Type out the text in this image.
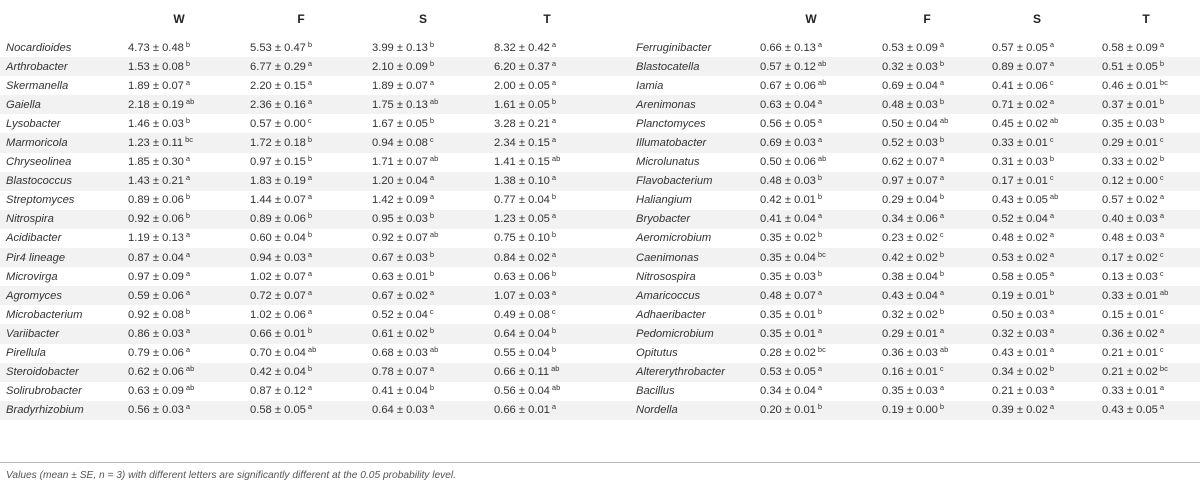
	W	F	S	T		W	F	S	T
Nocardioides	4.73 ± 0.48 $^b$	5.53 ± 0.47 $^b$	3.99 ± 0.13 $^b$	8.32 ± 0.42 $^a$	Ferruginibacter	0.66 ± 0.13 $^a$	0.53 ± 0.09 $^a$	0.57 ± 0.05 $^a$	0.58 ± 0.09 $^a$
Arthrobacter	1.53 ± 0.08 $^b$	6.77 ± 0.29 $^a$	2.10 ± 0.09 $^b$	6.20 ± 0.37 $^a$	Blastocatella	0.57 ± 0.12 $^{ab}$	0.32 ± 0.03 $^b$	0.89 ± 0.07 $^a$	0.51 ± 0.05 $^b$
Skermanella	1.89 ± 0.07 $^a$	2.20 ± 0.15 $^a$	1.89 ± 0.07 $^a$	2.00 ± 0.05 $^a$	Iamia	0.67 ± 0.06 $^{ab}$	0.69 ± 0.04 $^a$	0.41 ± 0.06 $^c$	0.46 ± 0.01 $^{bc}$
Gaiella	2.18 ± 0.19 $^{ab}$	2.36 ± 0.16 $^a$	1.75 ± 0.13 $^{ab}$	1.61 ± 0.05 $^b$	Arenimonas	0.63 ± 0.04 $^a$	0.48 ± 0.03 $^b$	0.71 ± 0.02 $^a$	0.37 ± 0.01 $^b$
Lysobacter	1.46 ± 0.03 $^b$	0.57 ± 0.00 $^c$	1.67 ± 0.05 $^b$	3.28 ± 0.21 $^a$	Planctomyces	0.56 ± 0.05 $^a$	0.50 ± 0.04 $^{ab}$	0.45 ± 0.02 $^{ab}$	0.35 ± 0.03 $^b$
Marmoricola	1.23 ± 0.11 $^{bc}$	1.72 ± 0.18 $^b$	0.94 ± 0.08 $^c$	2.34 ± 0.15 $^a$	Illumatobacter	0.69 ± 0.03 $^a$	0.52 ± 0.03 $^b$	0.33 ± 0.01 $^c$	0.29 ± 0.01 $^c$
Chryseolinea	1.85 ± 0.30 $^a$	0.97 ± 0.15 $^b$	1.71 ± 0.07 $^{ab}$	1.41 ± 0.15 $^{ab}$	Microlunatus	0.50 ± 0.06 $^{ab}$	0.62 ± 0.07 $^a$	0.31 ± 0.03 $^b$	0.33 ± 0.02 $^b$
Blastococcus	1.43 ± 0.21 $^a$	1.83 ± 0.19 $^a$	1.20 ± 0.04 $^a$	1.38 ± 0.10 $^a$	Flavobacterium	0.48 ± 0.03 $^b$	0.97 ± 0.07 $^a$	0.17 ± 0.01 $^c$	0.12 ± 0.00 $^c$
Streptomyces	0.89 ± 0.06 $^b$	1.44 ± 0.07 $^a$	1.42 ± 0.09 $^a$	0.77 ± 0.04 $^b$	Haliangium	0.42 ± 0.01 $^b$	0.29 ± 0.04 $^b$	0.43 ± 0.05 $^{ab}$	0.57 ± 0.02 $^a$
Nitrospira	0.92 ± 0.06 $^b$	0.89 ± 0.06 $^b$	0.95 ± 0.03 $^b$	1.23 ± 0.05 $^a$	Bryobacter	0.41 ± 0.04 $^a$	0.34 ± 0.06 $^a$	0.52 ± 0.04 $^a$	0.40 ± 0.03 $^a$
Acidibacter	1.19 ± 0.13 $^a$	0.60 ± 0.04 $^b$	0.92 ± 0.07 $^{ab}$	0.75 ± 0.10 $^b$	Aeromicrobium	0.35 ± 0.02 $^b$	0.23 ± 0.02 $^c$	0.48 ± 0.02 $^a$	0.48 ± 0.03 $^a$
Pir4 lineage	0.87 ± 0.04 $^a$	0.94 ± 0.03 $^a$	0.67 ± 0.03 $^b$	0.84 ± 0.02 $^a$	Caenimonas	0.35 ± 0.04 $^{bc}$	0.42 ± 0.02 $^b$	0.53 ± 0.02 $^a$	0.17 ± 0.02 $^c$
Microvirga	0.97 ± 0.09 $^a$	1.02 ± 0.07 $^a$	0.63 ± 0.01 $^b$	0.63 ± 0.06 $^b$	Nitrosospira	0.35 ± 0.03 $^b$	0.38 ± 0.04 $^b$	0.58 ± 0.05 $^a$	0.13 ± 0.03 $^c$
Agromyces	0.59 ± 0.06 $^a$	0.72 ± 0.07 $^a$	0.67 ± 0.02 $^a$	1.07 ± 0.03 $^a$	Amaricoccus	0.48 ± 0.07 $^a$	0.43 ± 0.04 $^a$	0.19 ± 0.01 $^b$	0.33 ± 0.01 $^{ab}$
Microbacterium	0.92 ± 0.08 $^b$	1.02 ± 0.06 $^a$	0.52 ± 0.04 $^c$	0.49 ± 0.08 $^c$	Adhaeribacter	0.35 ± 0.01 $^b$	0.32 ± 0.02 $^b$	0.50 ± 0.03 $^a$	0.15 ± 0.01 $^c$
Variibacter	0.86 ± 0.03 $^a$	0.66 ± 0.01 $^b$	0.61 ± 0.02 $^b$	0.64 ± 0.04 $^b$	Pedomicrobium	0.35 ± 0.01 $^a$	0.29 ± 0.01 $^a$	0.32 ± 0.03 $^a$	0.36 ± 0.02 $^a$
Pirellula	0.79 ± 0.06 $^a$	0.70 ± 0.04 $^{ab}$	0.68 ± 0.03 $^{ab}$	0.55 ± 0.04 $^b$	Opitutus	0.28 ± 0.02 $^{bc}$	0.36 ± 0.03 $^{ab}$	0.43 ± 0.01 $^a$	0.21 ± 0.01 $^c$
Steroidobacter	0.62 ± 0.06 $^{ab}$	0.42 ± 0.04 $^b$	0.78 ± 0.07 $^a$	0.66 ± 0.11 $^{ab}$	Altererythrobacter	0.53 ± 0.05 $^a$	0.16 ± 0.01 $^c$	0.34 ± 0.02 $^b$	0.21 ± 0.02 $^{bc}$
Solirubrobacter	0.63 ± 0.09 $^{ab}$	0.87 ± 0.12 $^a$	0.41 ± 0.04 $^b$	0.56 ± 0.04 $^{ab}$	Bacillus	0.34 ± 0.04 $^a$	0.35 ± 0.03 $^a$	0.21 ± 0.03 $^a$	0.33 ± 0.01 $^a$
Bradyrhizobium	0.56 ± 0.03 $^a$	0.58 ± 0.05 $^a$	0.64 ± 0.03 $^a$	0.66 ± 0.01 $^a$	Nordella	0.20 ± 0.01 $^b$	0.19 ± 0.00 $^b$	0.39 ± 0.02 $^a$	0.43 ± 0.05 $^a$
Values (mean ± SE, n = 3) with different letters are significantly different at the 0.05 probability level.
